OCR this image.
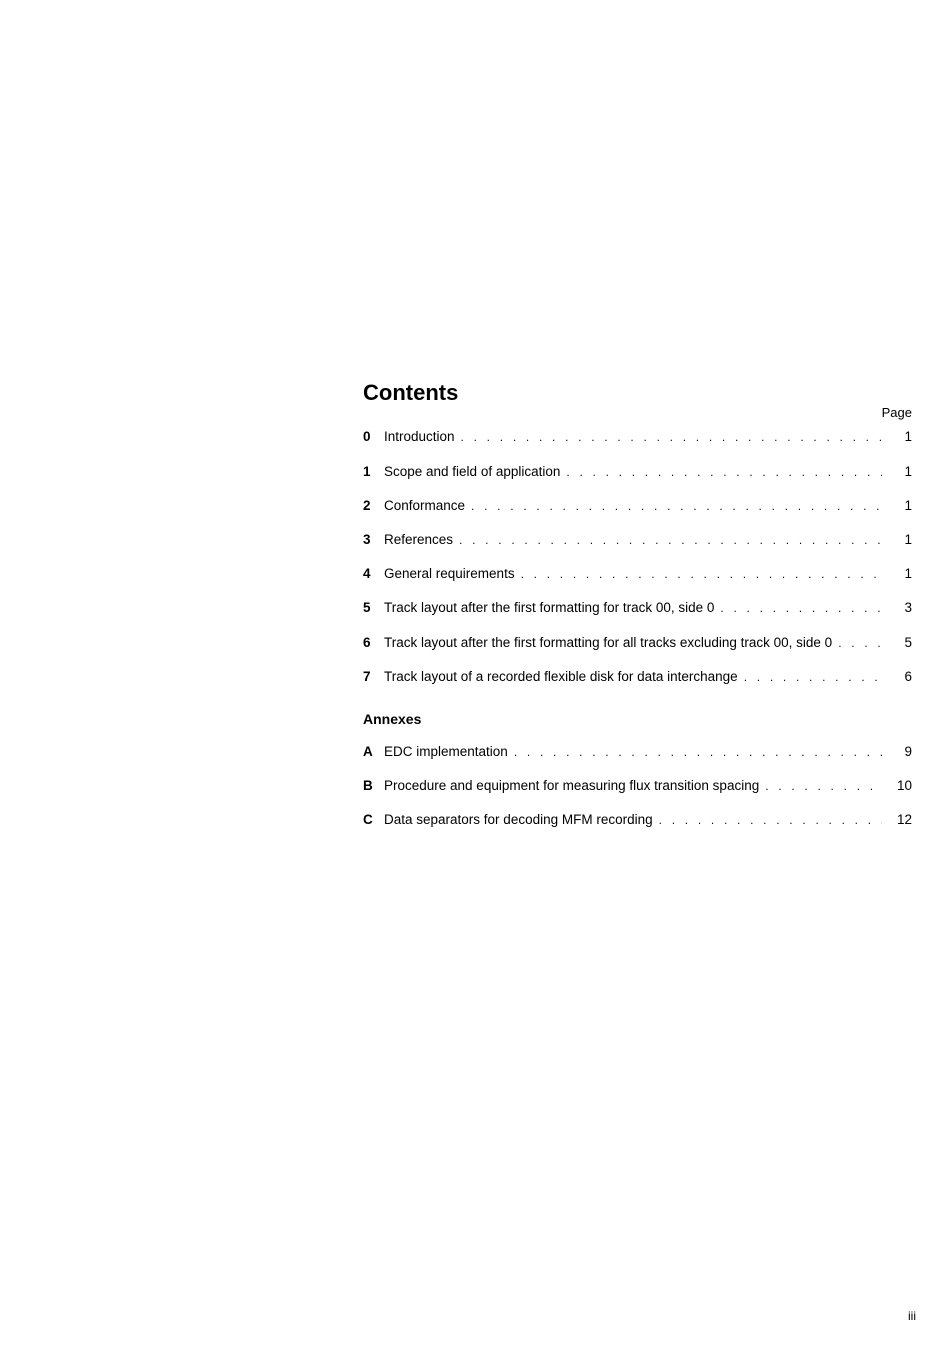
Contents
Page
0 Introduction . . .	1
1 Scope and field of application . . .	1
2 Conformance . . .	1
3 References . . .	1
4 General requirements . . .	1
5 Track layout after the first formatting for track 00, side 0 . . .	3
6 Track layout after the first formatting for all tracks excluding track 00, side 0 . . .	5
7 Track layout of a recorded flexible disk for data interchange . . .	6
Annexes
A EDC implementation . . .	9
B Procedure and equipment for measuring flux transition spacing . . .	10
C Data separators for decoding MFM recording . . .	12
iii
